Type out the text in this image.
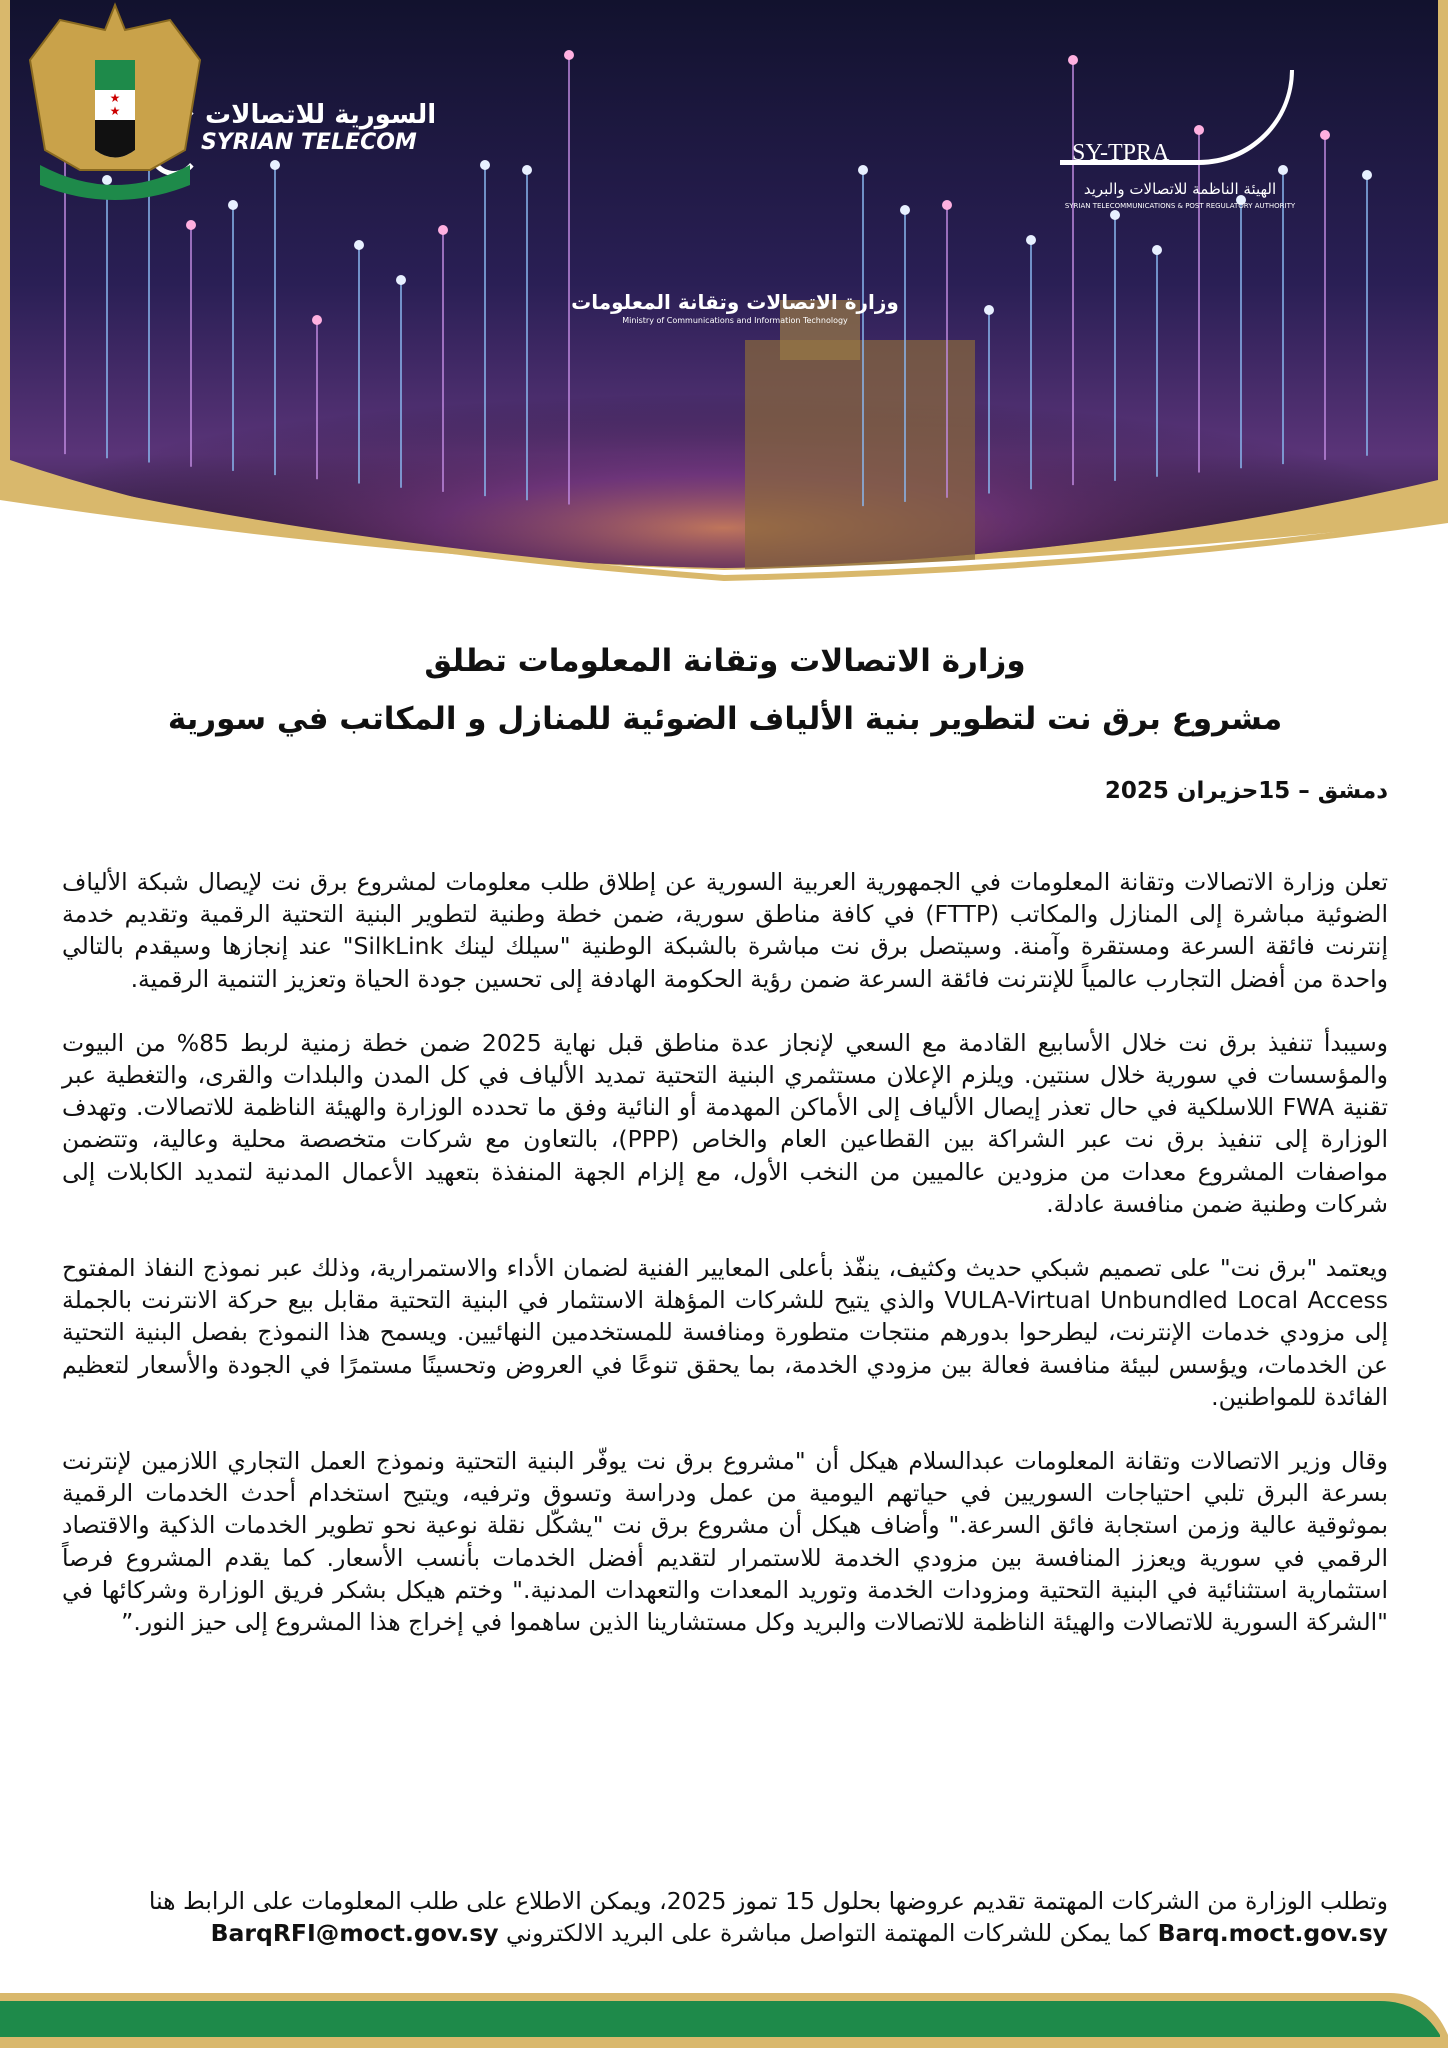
السورية للاتصالات
SYRIAN TELECOM
★
★
وزارة الاتصالات وتقانة المعلومات
Ministry of Communications and Information Technology
SY-TPRA
الهيئة الناظمة للاتصالات والبريد
SYRIAN TELECOMMUNICATIONS & POST REGULATORY AUTHORITY
وزارة الاتصالات وتقانة المعلومات تطلق
مشروع برق نت لتطوير بنية الألياف الضوئية للمنازل و المكاتب في سورية
دمشق – 15حزيران 2025

تعلن وزارة الاتصالات وتقانة المعلومات في الجمهورية العربية السورية عن إطلاق طلب معلومات لمشروع برق نت لإيصال شبكة الألياف الضوئية مباشرة إلى المنازل والمكاتب (FTTP) في كافة مناطق سورية، ضمن خطة وطنية لتطوير البنية التحتية الرقمية وتقديم خدمة إنترنت فائقة السرعة ومستقرة وآمنة. وسيتصل برق نت مباشرة بالشبكة الوطنية "سيلك لينك SilkLink" عند إنجازها وسيقدم بالتالي واحدة من أفضل التجارب عالمياً للإنترنت فائقة السرعة ضمن رؤية الحكومة الهادفة إلى تحسين جودة الحياة وتعزيز التنمية الرقمية.

وسيبدأ تنفيذ برق نت خلال الأسابيع القادمة مع السعي لإنجاز عدة مناطق قبل نهاية 2025 ضمن خطة زمنية لربط 85% من البيوت والمؤسسات في سورية خلال سنتين. ويلزم الإعلان مستثمري البنية التحتية تمديد الألياف في كل المدن والبلدات والقرى، والتغطية عبر تقنية FWA اللاسلكية في حال تعذر إيصال الألياف إلى الأماكن المهدمة أو النائية وفق ما تحدده الوزارة والهيئة الناظمة للاتصالات. وتهدف الوزارة إلى تنفيذ برق نت عبر الشراكة بين القطاعين العام والخاص (PPP)، بالتعاون مع شركات متخصصة محلية وعالية، وتتضمن مواصفات المشروع معدات من مزودين عالميين من النخب الأول، مع إلزام الجهة المنفذة بتعهيد الأعمال المدنية لتمديد الكابلات إلى شركات وطنية ضمن منافسة عادلة.

ويعتمد "برق نت" على تصميم شبكي حديث وكثيف، ينفّذ بأعلى المعايير الفنية لضمان الأداء والاستمرارية، وذلك عبر نموذج النفاذ المفتوح VULA-Virtual Unbundled Local Access والذي يتيح للشركات المؤهلة الاستثمار في البنية التحتية مقابل بيع حركة الانترنت بالجملة إلى مزودي خدمات الإنترنت، ليطرحوا بدورهم منتجات متطورة ومنافسة للمستخدمين النهائيين. ويسمح هذا النموذج بفصل البنية التحتية عن الخدمات، ويؤسس لبيئة منافسة فعالة بين مزودي الخدمة، بما يحقق تنوعًا في العروض وتحسينًا مستمرًا في الجودة والأسعار لتعظيم الفائدة للمواطنين.

وقال وزير الاتصالات وتقانة المعلومات عبدالسلام هيكل أن "مشروع برق نت يوفّر البنية التحتية ونموذج العمل التجاري اللازمين لإنترنت بسرعة البرق تلبي احتياجات السوريين في حياتهم اليومية من عمل ودراسة وتسوق وترفيه، ويتيح استخدام أحدث الخدمات الرقمية بموثوقية عالية وزمن استجابة فائق السرعة." وأضاف هيكل أن مشروع برق نت "يشكّل نقلة نوعية نحو تطوير الخدمات الذكية والاقتصاد الرقمي في سورية ويعزز المنافسة بين مزودي الخدمة للاستمرار لتقديم أفضل الخدمات بأنسب الأسعار. كما يقدم المشروع فرصاً استثمارية استثنائية في البنية التحتية ومزودات الخدمة وتوريد المعدات والتعهدات المدنية." وختم هيكل بشكر فريق الوزارة وشركائها في "الشركة السورية للاتصالات والهيئة الناظمة للاتصالات والبريد وكل مستشارينا الذين ساهموا في إخراج هذا المشروع إلى حيز النور.”

وتطلب الوزارة من الشركات المهتمة تقديم عروضها بحلول 15 تموز 2025، ويمكن الاطلاع على طلب المعلومات على الرابط هنا
Barq.moct.gov.sy كما يمكن للشركات المهتمة التواصل مباشرة على البريد الالكتروني BarqRFI@moct.gov.sy
